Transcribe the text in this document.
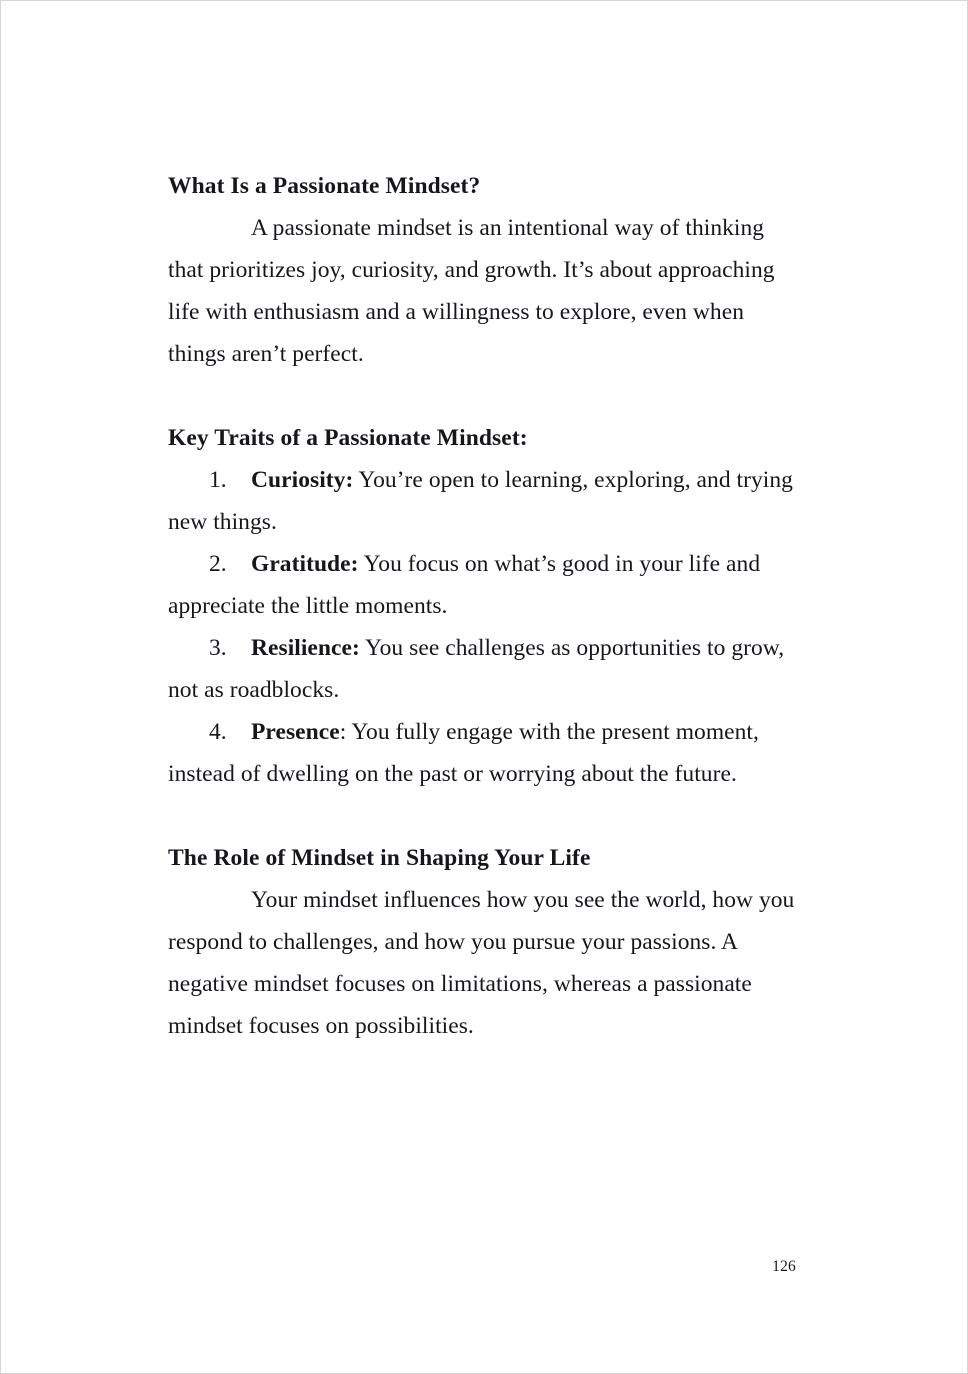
What Is a Passionate Mindset?

A passionate mindset is an intentional way of thinking that prioritizes joy, curiosity, and growth. It’s about approaching life with enthusiasm and a willingness to explore, even when things aren’t perfect.

Key Traits of a Passionate Mindset:

1. Curiosity: You’re open to learning, exploring, and trying new things.

2. Gratitude: You focus on what’s good in your life and appreciate the little moments.

3. Resilience: You see challenges as opportunities to grow, not as roadblocks.

4. Presence: You fully engage with the present moment, instead of dwelling on the past or worrying about the future.

The Role of Mindset in Shaping Your Life

Your mindset influences how you see the world, how you respond to challenges, and how you pursue your passions. A negative mindset focuses on limitations, whereas a passionate mindset focuses on possibilities.

126
